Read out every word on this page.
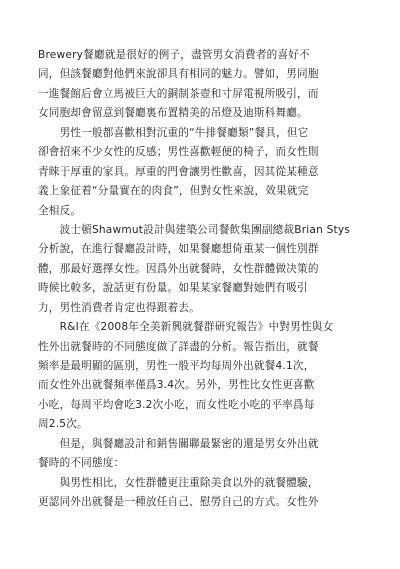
Brewery餐廳就是很好的例子，盡管男女消費者的喜好不
同，但該餐廳對他們來說卻具有相同的魅力。譬如，男同胞
一進餐館后會立馬被巨大的銅制茶壺和寸屏電視所吸引，而
女同胞却會留意到餐廳裏布置精美的吊燈及迪斯科舞廳。
　　男性一般都喜歡相對沉重的“牛排餐廳類”餐具，但它
卻會招來不少女性的反感；男性喜歡輕便的椅子，而女性則
青睞于厚重的家具。厚重的門會讓男性歡喜，因其從某種意
義上象征着“分量實在的肉食”，但對女性來說，效果就完
全相反。
　　波士頓Shawmut設計與建築公司餐飲集團副總裁Brian Stys
分析說，在進行餐廳設計時，如果餐廳想倚重某一個性別群
體，那最好選擇女性。因爲外出就餐時，女性群體做决策的
時候比較多，說話更有份量。如果某家餐廳對她們有吸引
力，男性消費者肯定也得跟着去。
　　R&I在《2008年全美新興就餐群研究報告》中對男性與女
性外出就餐時的不同態度做了詳盡的分析。報告指出，就餐
頻率是最明顯的區別，男性一般平均每周外出就餐4.1次，
而女性外出就餐頻率僅爲3.4次。另外，男性比女性更喜歡
小吃，每周平均會吃3.2次小吃，而女性吃小吃的平率爲每
周2.5次。
　　但是，與餐廳設計和銷售關聯最緊密的還是男女外出就
餐時的不同態度：
　　與男性相比，女性群體更注重除美食以外的就餐體驗，
更認同外出就餐是一種放任自己、慰勞自己的方式。女性外
